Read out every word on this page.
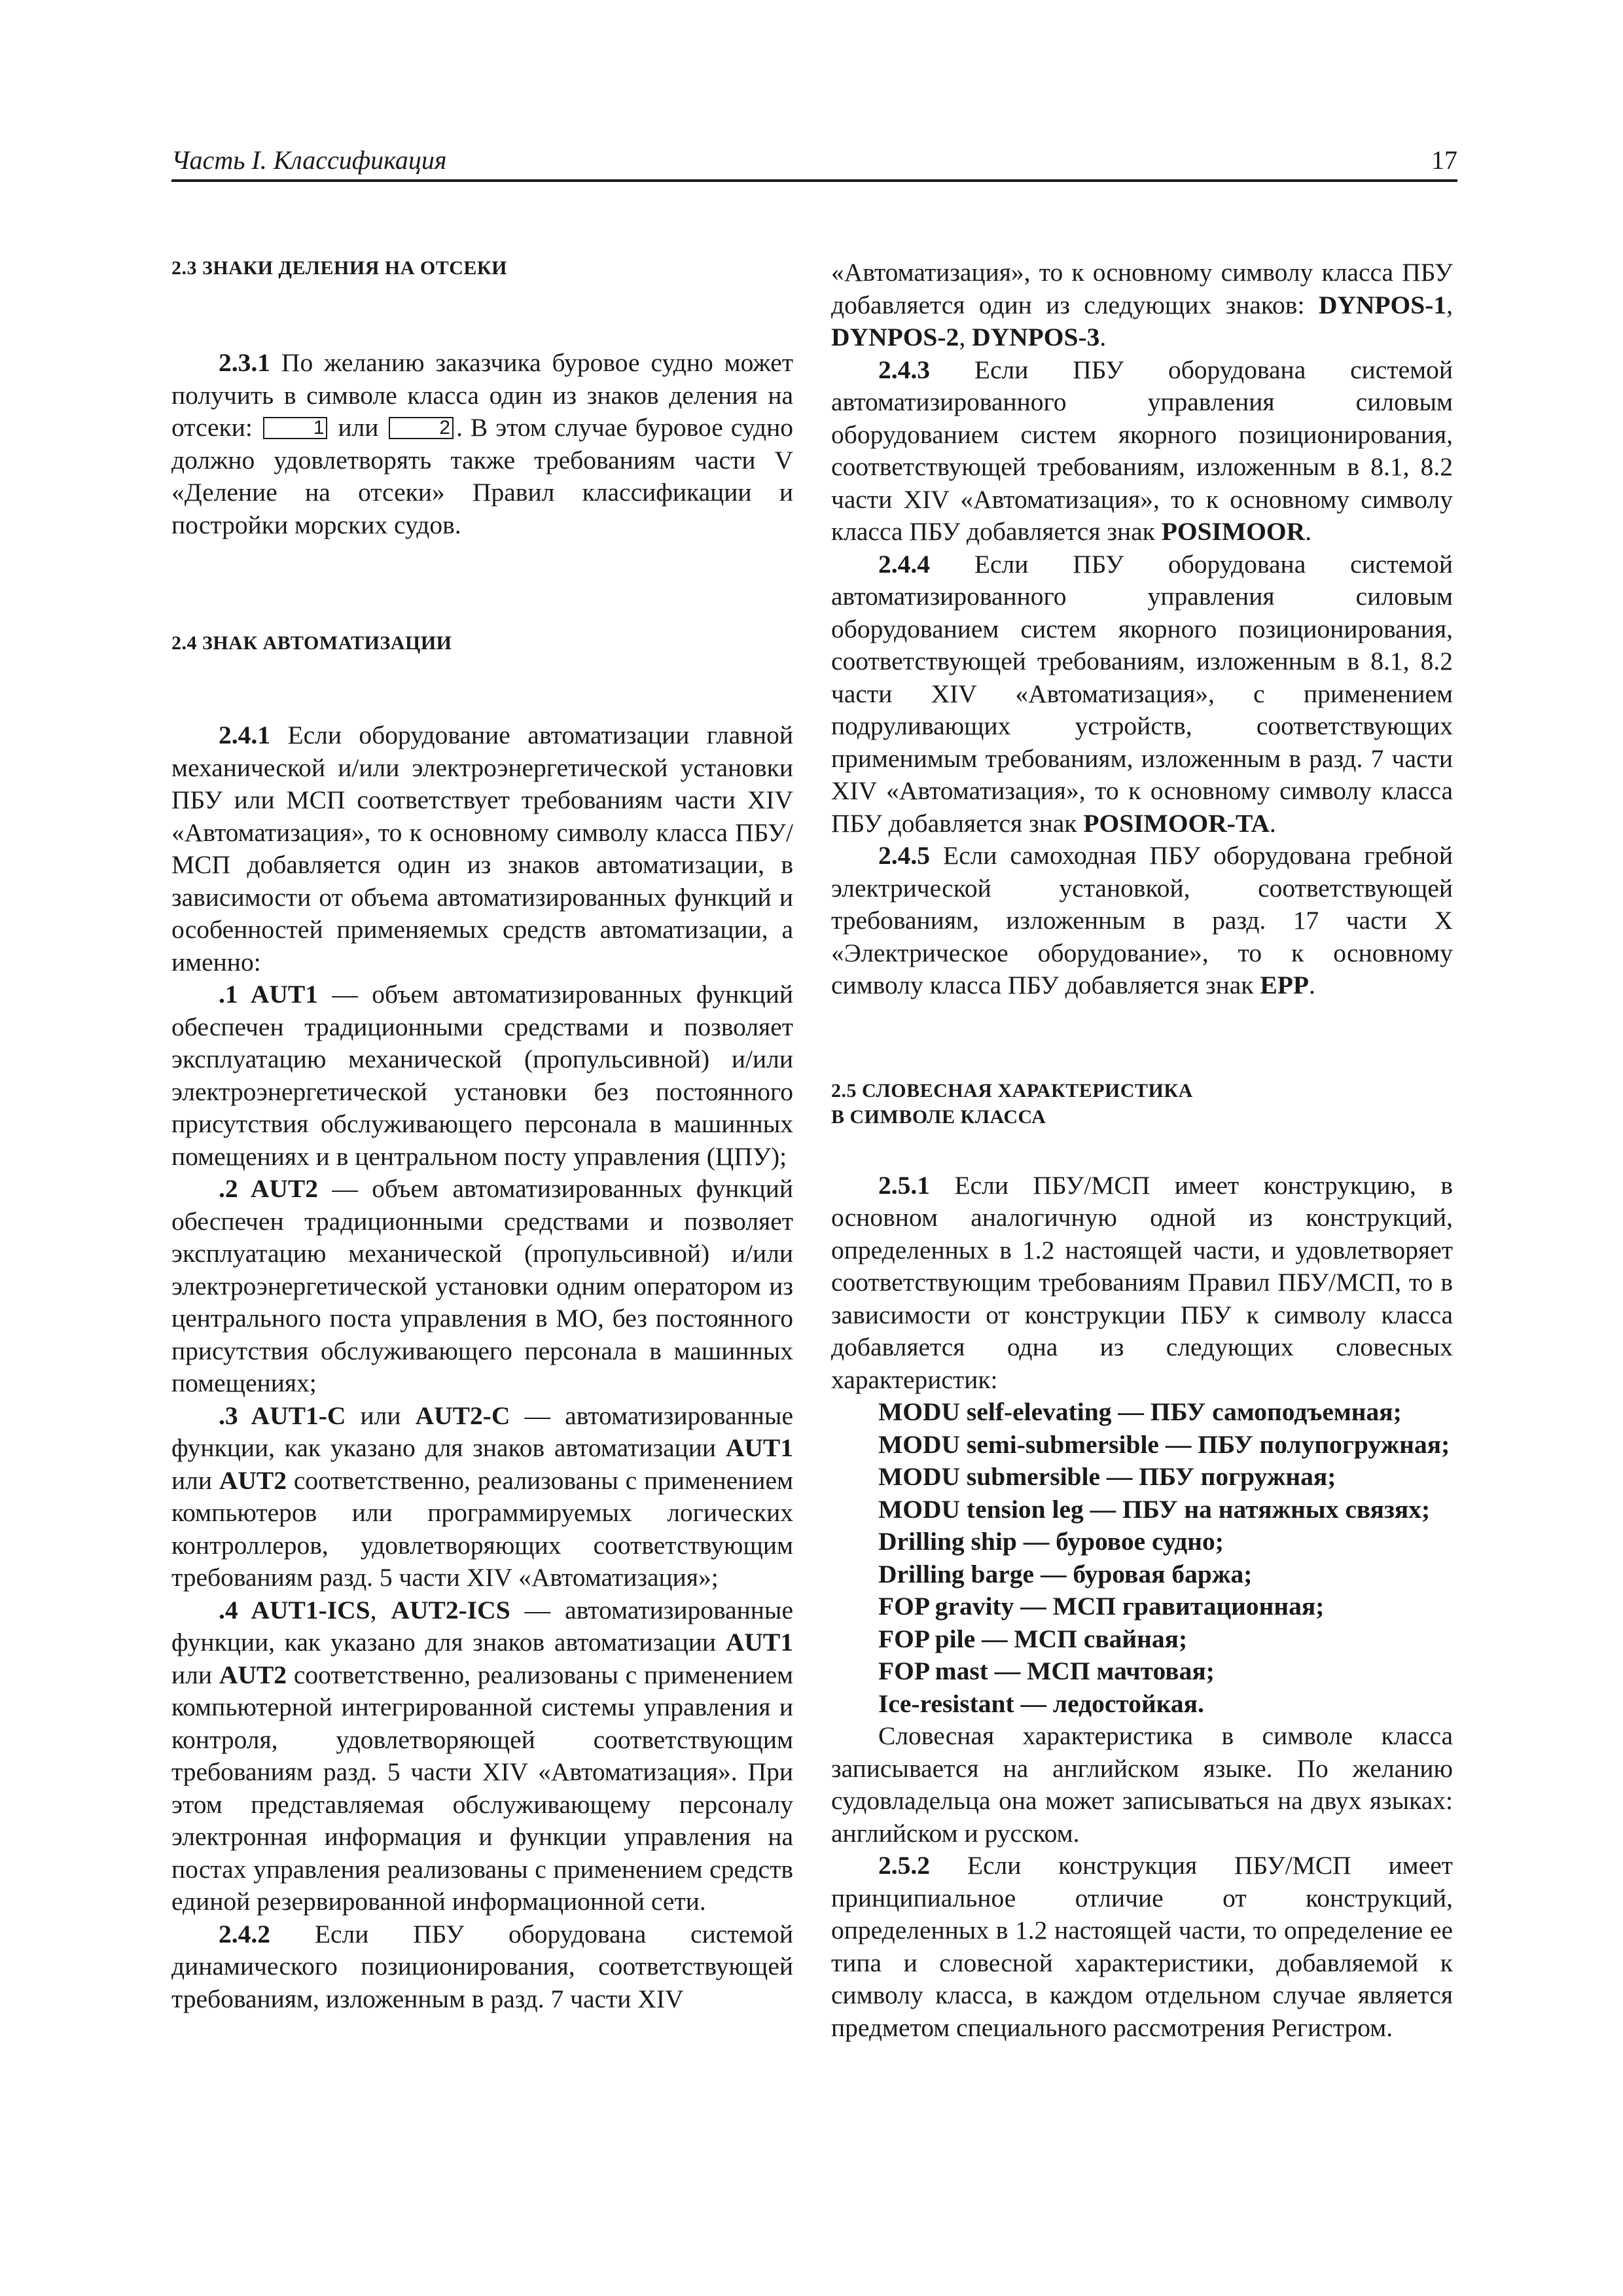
Часть I. Классификация	17

2.3 ЗНАКИ ДЕЛЕНИЯ НА ОТСЕКИ

2.3.1 По желанию заказчика буровое судно может получить в символе класса один из знаков деления на отсеки:	1 или	2 . В этом случае буровое судно должно удовлетворять также требованиям части V «Деление на отсеки» Правил классификации и постройки морских судов.

2.4 ЗНАК АВТОМАТИЗАЦИИ

2.4.1 Если оборудование автоматизации главной механической и/или электроэнергетической установки ПБУ или МСП соответствует требованиям части XIV «Автоматизация», то к основному символу класса ПБУ/МСП добавляется один из знаков автоматизации, в зависимости от объема автоматизированных функций и особенностей применяемых средств автоматизации, а именно:

.1 AUT1 — объем автоматизированных функций обеспечен традиционными средствами и позволяет эксплуатацию механической (пропульсивной) и/или электроэнергетической установки без постоянного присутствия обслуживающего персонала в машинных помещениях и в центральном посту управления (ЦПУ);

.2 AUT2 — объем автоматизированных функций обеспечен традиционными средствами и позволяет эксплуатацию механической (пропульсивной) и/или электроэнергетической установки одним оператором из центрального поста управления в МО, без постоянного присутствия обслуживающего персонала в машинных помещениях;

.3 AUT1-C или AUT2-C — автоматизированные функции, как указано для знаков автоматизации AUT1 или AUT2 соответственно, реализованы с применением компьютеров или программируемых логических контроллеров, удовлетворяющих соответствующим требованиям разд. 5 части XIV «Автоматизация»;

.4 AUT1-ICS, AUT2-ICS — автоматизированные функции, как указано для знаков автоматизации AUT1 или AUT2 соответственно, реализованы с применением компьютерной интегрированной системы управления и контроля, удовлетворяющей соответствующим требованиям разд. 5 части XIV «Автоматизация». При этом представляемая обслуживающему персоналу электронная информация и функции управления на постах управления реализованы с применением средств единой резервированной информационной сети.

2.4.2 Если ПБУ оборудована системой динамического позиционирования, соответствующей требованиям, изложенным в разд. 7 части XIV

«Автоматизация», то к основному символу класса ПБУ добавляется один из следующих знаков: DYNPOS-1, DYNPOS-2, DYNPOS-3.

2.4.3 Если ПБУ оборудована системой автоматизированного управления силовым оборудованием систем якорного позиционирования, соответствующей требованиям, изложенным в 8.1, 8.2 части XIV «Автоматизация», то к основному символу класса ПБУ добавляется знак POSIMOOR.

2.4.4 Если ПБУ оборудована системой автоматизированного управления силовым оборудованием систем якорного позиционирования, соответствующей требованиям, изложенным в 8.1, 8.2 части XIV «Автоматизация», с применением подруливающих устройств, соответствующих применимым требованиям, изложенным в разд. 7 части XIV «Автоматизация», то к основному символу класса ПБУ добавляется знак POSIMOOR-TA.

2.4.5 Если самоходная ПБУ оборудована гребной электрической установкой, соответствующей требованиям, изложенным в разд. 17 части X «Электрическое оборудование», то к основному символу класса ПБУ добавляется знак EPP.

2.5 СЛОВЕСНАЯ ХАРАКТЕРИСТИКА

В СИМВОЛЕ КЛАССА

2.5.1 Если ПБУ/МСП имеет конструкцию, в основном аналогичную одной из конструкций, определенных в 1.2 настоящей части, и удовлетворяет соответствующим требованиям Правил ПБУ/МСП, то в зависимости от конструкции ПБУ к символу класса добавляется одна из следующих словесных характеристик:

MODU self-elevating — ПБУ самоподъемная;

MODU semi-submersible — ПБУ полупогружная;

MODU submersible — ПБУ погружная;

MODU tension leg — ПБУ на натяжных связях;

Drilling ship — буровое судно;

Drilling barge — буровая баржа;

FOP gravity — МСП гравитационная;

FOP pile — МСП свайная;

FOP mast — МСП мачтовая;

Ice-resistant — ледостойкая.

Словесная характеристика в символе класса записывается на английском языке. По желанию судовладельца она может записываться на двух языках: английском и русском.

2.5.2 Если конструкция ПБУ/МСП имеет принципиальное отличие от конструкций, определенных в 1.2 настоящей части, то определение ее типа и словесной характеристики, добавляемой к символу класса, в каждом отдельном случае является предметом специального рассмотрения Регистром.
